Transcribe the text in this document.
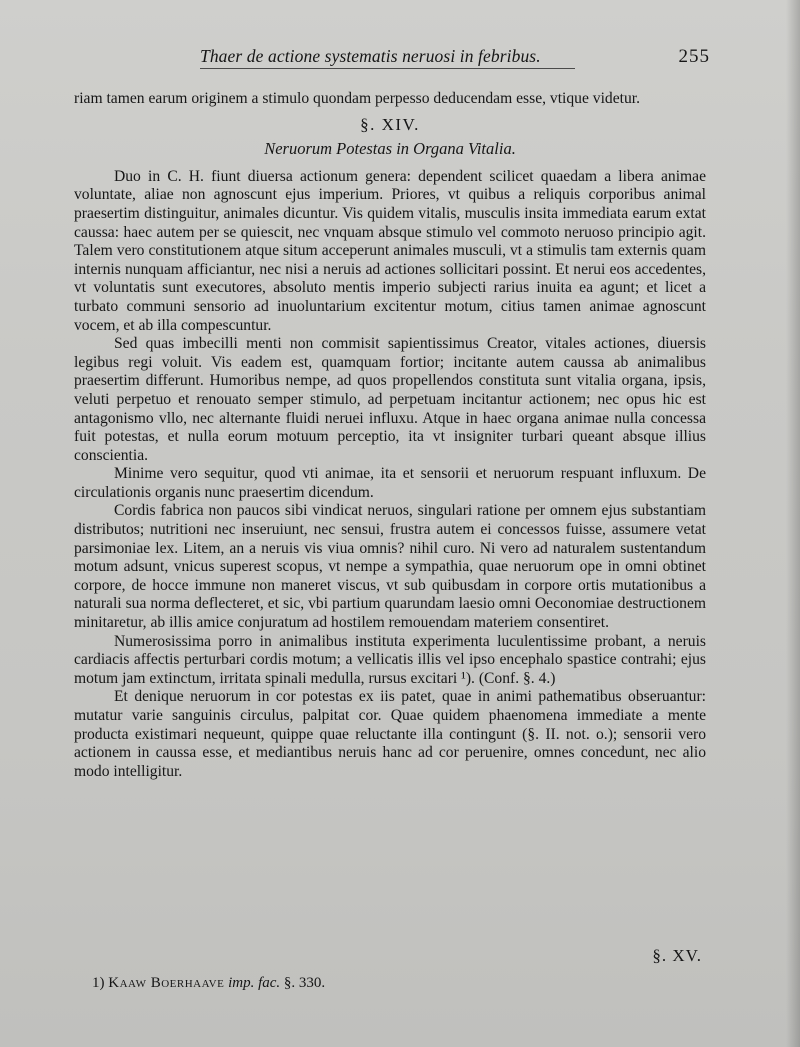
Thaer de actione systematis neruosi in febribus.	255

riam tamen earum originem a stimulo quondam perpesso deducendam esse, vtique videtur.

§. XIV.
Neruorum Potestas in Organa Vitalia.

Duo in C. H. fiunt diuersa actionum genera: dependent scilicet quaedam a libera animae voluntate, aliae non agnoscunt ejus imperium. Priores, vt quibus a reliquis corporibus animal praesertim distinguitur, animales dicuntur. Vis quidem vitalis, musculis insita immediata earum extat caussa: haec autem per se quiescit, nec vnquam absque stimulo vel commoto neruoso principio agit. Talem vero constitutionem atque situm acceperunt animales musculi, vt a stimulis tam externis quam internis nunquam afficiantur, nec nisi a neruis ad actiones sollicitari possint. Et nerui eos accedentes, vt voluntatis sunt executores, absoluto mentis imperio subjecti rarius inuita ea agunt; et licet a turbato communi sensorio ad inuoluntarium excitentur motum, citius tamen animae agnoscunt vocem, et ab illa compescuntur.

Sed quas imbecilli menti non commisit sapientissimus Creator, vitales actiones, diuersis legibus regi voluit. Vis eadem est, quamquam fortior; incitante autem caussa ab animalibus praesertim differunt. Humoribus nempe, ad quos propellendos constituta sunt vitalia organa, ipsis, veluti perpetuo et renouato semper stimulo, ad perpetuam incitantur actionem; nec opus hic est antagonismo vllo, nec alternante fluidi neruei influxu. Atque in haec organa animae nulla concessa fuit potestas, et nulla eorum motuum perceptio, ita vt insigniter turbari queant absque illius conscientia.

Minime vero sequitur, quod vti animae, ita et sensorii et neruorum respuant influxum. De circulationis organis nunc praesertim dicendum.

Cordis fabrica non paucos sibi vindicat neruos, singulari ratione per omnem ejus substantiam distributos; nutritioni nec inseruiunt, nec sensui, frustra autem ei concessos fuisse, assumere vetat parsimoniae lex. Litem, an a neruis vis viua omnis? nihil curo. Ni vero ad naturalem sustentandum motum adsunt, vnicus superest scopus, vt nempe a sympathia, quae neruorum ope in omni obtinet corpore, de hocce immune non maneret viscus, vt sub quibusdam in corpore ortis mutationibus a naturali sua norma deflecteret, et sic, vbi partium quarundam laesio omni Oeconomiae destructionem minitaretur, ab illis amice conjuratum ad hostilem remouendam materiem consentiret.

Numerosissima porro in animalibus instituta experimenta luculentissime probant, a neruis cardiacis affectis perturbari cordis motum; a vellicatis illis vel ipso encephalo spastice contrahi; ejus motum jam extinctum, irritata spinali medulla, rursus excitari ¹). (Conf. §. 4.)

Et denique neruorum in cor potestas ex iis patet, quae in animi pathematibus obseruantur: mutatur varie sanguinis circulus, palpitat cor. Quae quidem phaenomena immediate a mente producta existimari nequeunt, quippe quae reluctante illa contingunt (§. II. not. o.); sensorii vero actionem in caussa esse, et mediantibus neruis hanc ad cor peruenire, omnes concedunt, nec alio modo intelligitur.

§. XV.
1) Kaaw Boerhaave imp. fac. §. 330.
